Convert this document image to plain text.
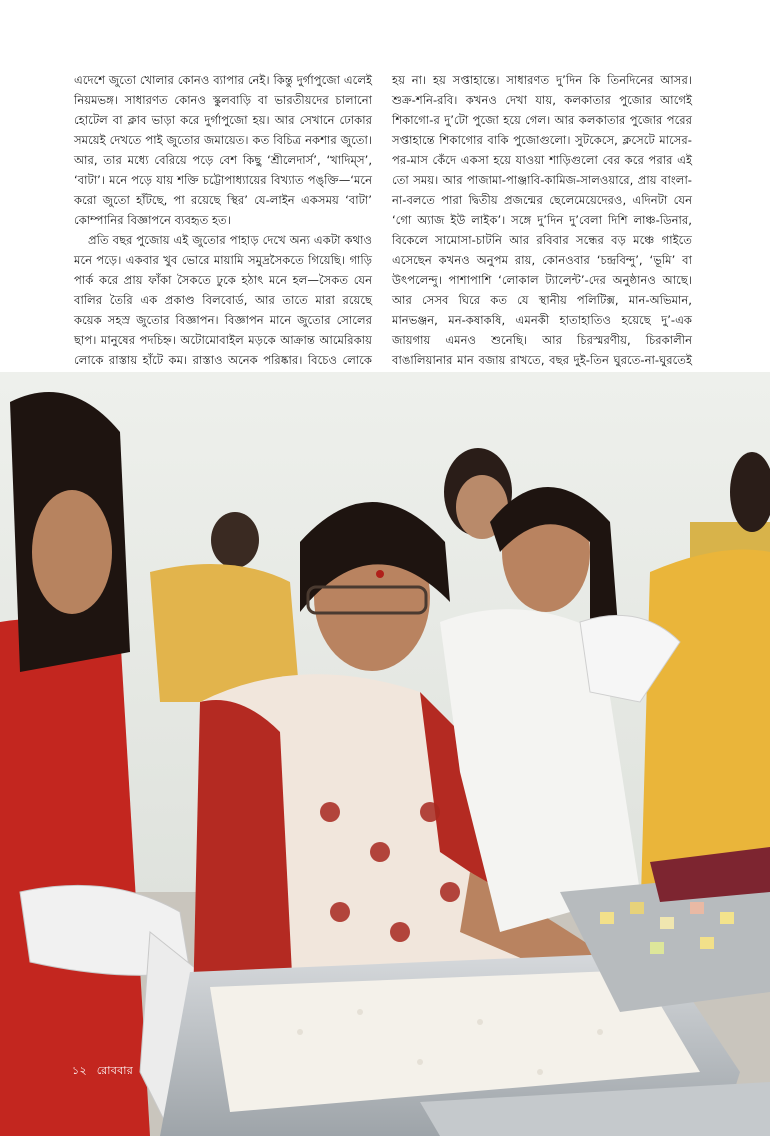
এদেশে জুতো খোলার কোনও ব্যাপার নেই। কিন্তু দুর্গাপুজো এলেই নিয়মভঙ্গ। সাধারণত কোনও স্কুলবাড়ি বা ভারতীয়দের চালানো হোটেল বা ক্লাব ভাড়া করে দুর্গাপুজো হয়। আর সেখানে ঢোকার সময়েই দেখতে পাই জুতোর জমায়েত। কত বিচিত্র নকশার জুতো। আর, তার মধ্যে বেরিয়ে পড়ে বেশ কিছু ‘শ্রীলেদার্স’, ‘খাদিম্‌স’, ‘বাটা’। মনে পড়ে যায় শক্তি চট্টোপাধ্যায়ের বিখ্যাত পঙ্‌ক্তি—‘মনে করো জুতো হাঁটছে, পা রয়েছে স্থির’ যে-লাইন একসময় ‘বাটা’ কোম্পানির বিজ্ঞাপনে ব্যবহৃত হত।

প্রতি বছর পুজোয় এই জুতোর পাহাড় দেখে অন্য একটা কথাও মনে পড়ে। একবার খুব ভোরে মায়ামি সমুদ্রসৈকতে গিয়েছি। গাড়ি পার্ক করে প্রায় ফাঁকা সৈকতে ঢুকে হঠাৎ মনে হল—সৈকত যেন বালির তৈরি এক প্রকাণ্ড বিলবোর্ড, আর তাতে মারা রয়েছে কয়েক সহস্র জুতোর বিজ্ঞাপন। বিজ্ঞাপন মানে জুতোর সোলের ছাপ। মানুষের পদচিহ্ন। অটোমোবাইল মড়কে আক্রান্ত আমেরিকায় লোকে রাস্তায় হাঁটে কম। রাস্তাও অনেক পরিষ্কার। বিচেও লোকে

হয় না। হয় সপ্তাহান্তে। সাধারণত দু’দিন কি তিনদিনের আসর। শুক্র-শনি-রবি। কখনও দেখা যায়, কলকাতার পুজোর আগেই শিকাগো-র দু’টো পুজো হয়ে গেল। আর কলকাতার পুজোর পরের সপ্তাহান্তে শিকাগোর বাকি পুজোগুলো। সুটকেসে, ক্লসেটে মাসের-পর-মাস কেঁদে একসা হয়ে যাওয়া শাড়িগুলো বের করে পরার এই তো সময়। আর পাজামা-পাঞ্জাবি-কামিজ-সালওয়ারে, প্রায় বাংলা-না-বলতে পারা দ্বিতীয় প্রজন্মের ছেলেমেয়েদেরও, এদিনটা যেন ‘গো অ্যাজ ইউ লাইক’। সঙ্গে দু’দিন দু’বেলা দিশি লাঞ্চ-ডিনার, বিকেলে সামোসা-চাটনি আর রবিবার সন্ধের বড় মঞ্চে গাইতে এসেছেন কখনও অনুপম রায়, কোনওবার ‘চন্দ্রবিন্দু’, ‘ভূমি’ বা উৎপলেন্দু। পাশাপাশি ‘লোকাল ট্যালেন্ট’-দের অনুষ্ঠানও আছে। আর সেসব ঘিরে কত যে স্থানীয় পলিটিক্স, মান-অভিমান, মানভঞ্জন, মন-কষাকষি, এমনকী হাতাহাতিও হয়েছে দু’-এক জায়গায় এমনও শুনেছি। আর চিরস্মরণীয়, চিরকালীন বাঙালিয়ানার মান বজায় রাখতে, বছর দুই-তিন ঘুরতে-না-ঘুরতেই

১২ রোববার
